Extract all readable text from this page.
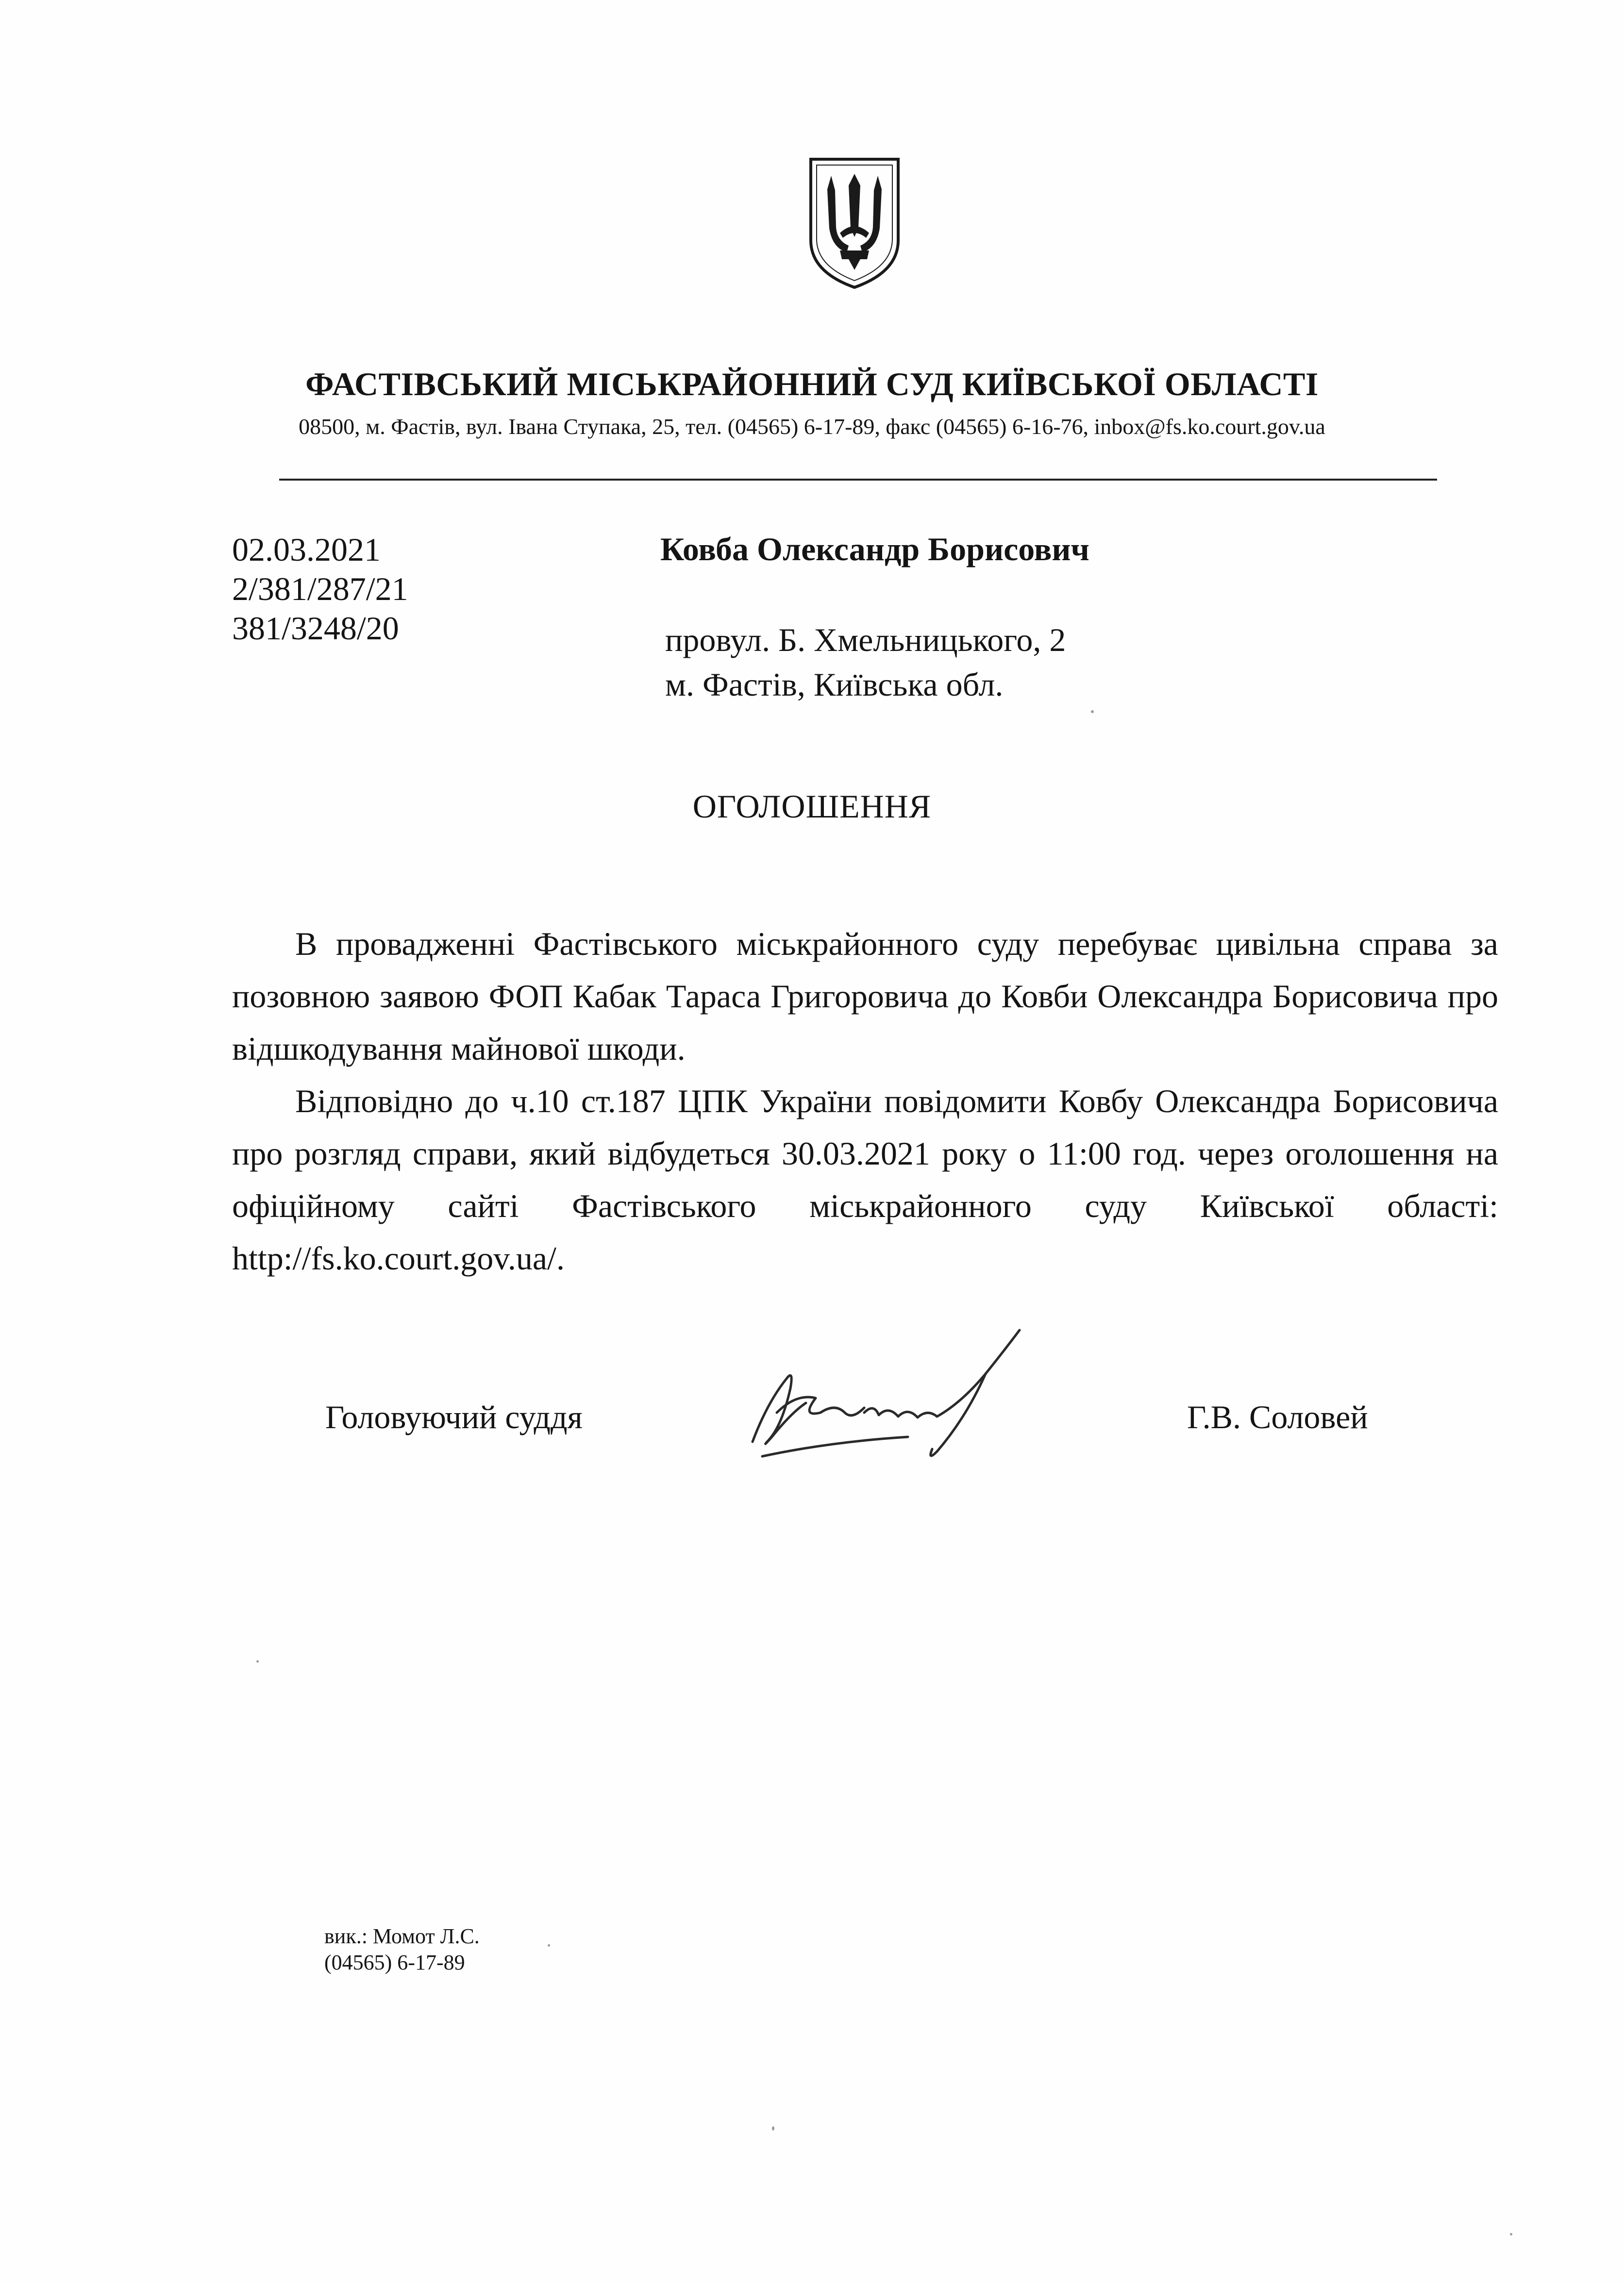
ФАСТІВСЬКИЙ МІСЬКРАЙОННИЙ СУД КИЇВСЬКОЇ ОБЛАСТІ
08500, м. Фастів, вул. Івана Ступака, 25, тел. (04565) 6-17-89, факс (04565) 6-16-76, inbox@fs.ko.court.gov.ua
02.03.2021
2/381/287/21
381/3248/20
Ковба Олександр Борисович
провул. Б. Хмельницького, 2
м. Фастів, Київська обл.
ОГОЛОШЕННЯ

В провадженні Фастівського міськрайонного суду перебуває цивільна справа за позовною заявою ФОП Кабак Тараса Григоровича до Ковби Олександра Борисовича про відшкодування майнової шкоди.

Відповідно до ч.10 ст.187 ЦПК України повідомити Ковбу Олександра Борисовича про розгляд справи, який відбудеться 30.03.2021 року о 11:00 год. через оголошення на офіційному сайті Фастівського міськрайонного суду Київської області: http://fs.ko.court.gov.ua/.

Головуючий суддя	Г.В. Соловей
вик.: Момот Л.С.
(04565) 6-17-89
